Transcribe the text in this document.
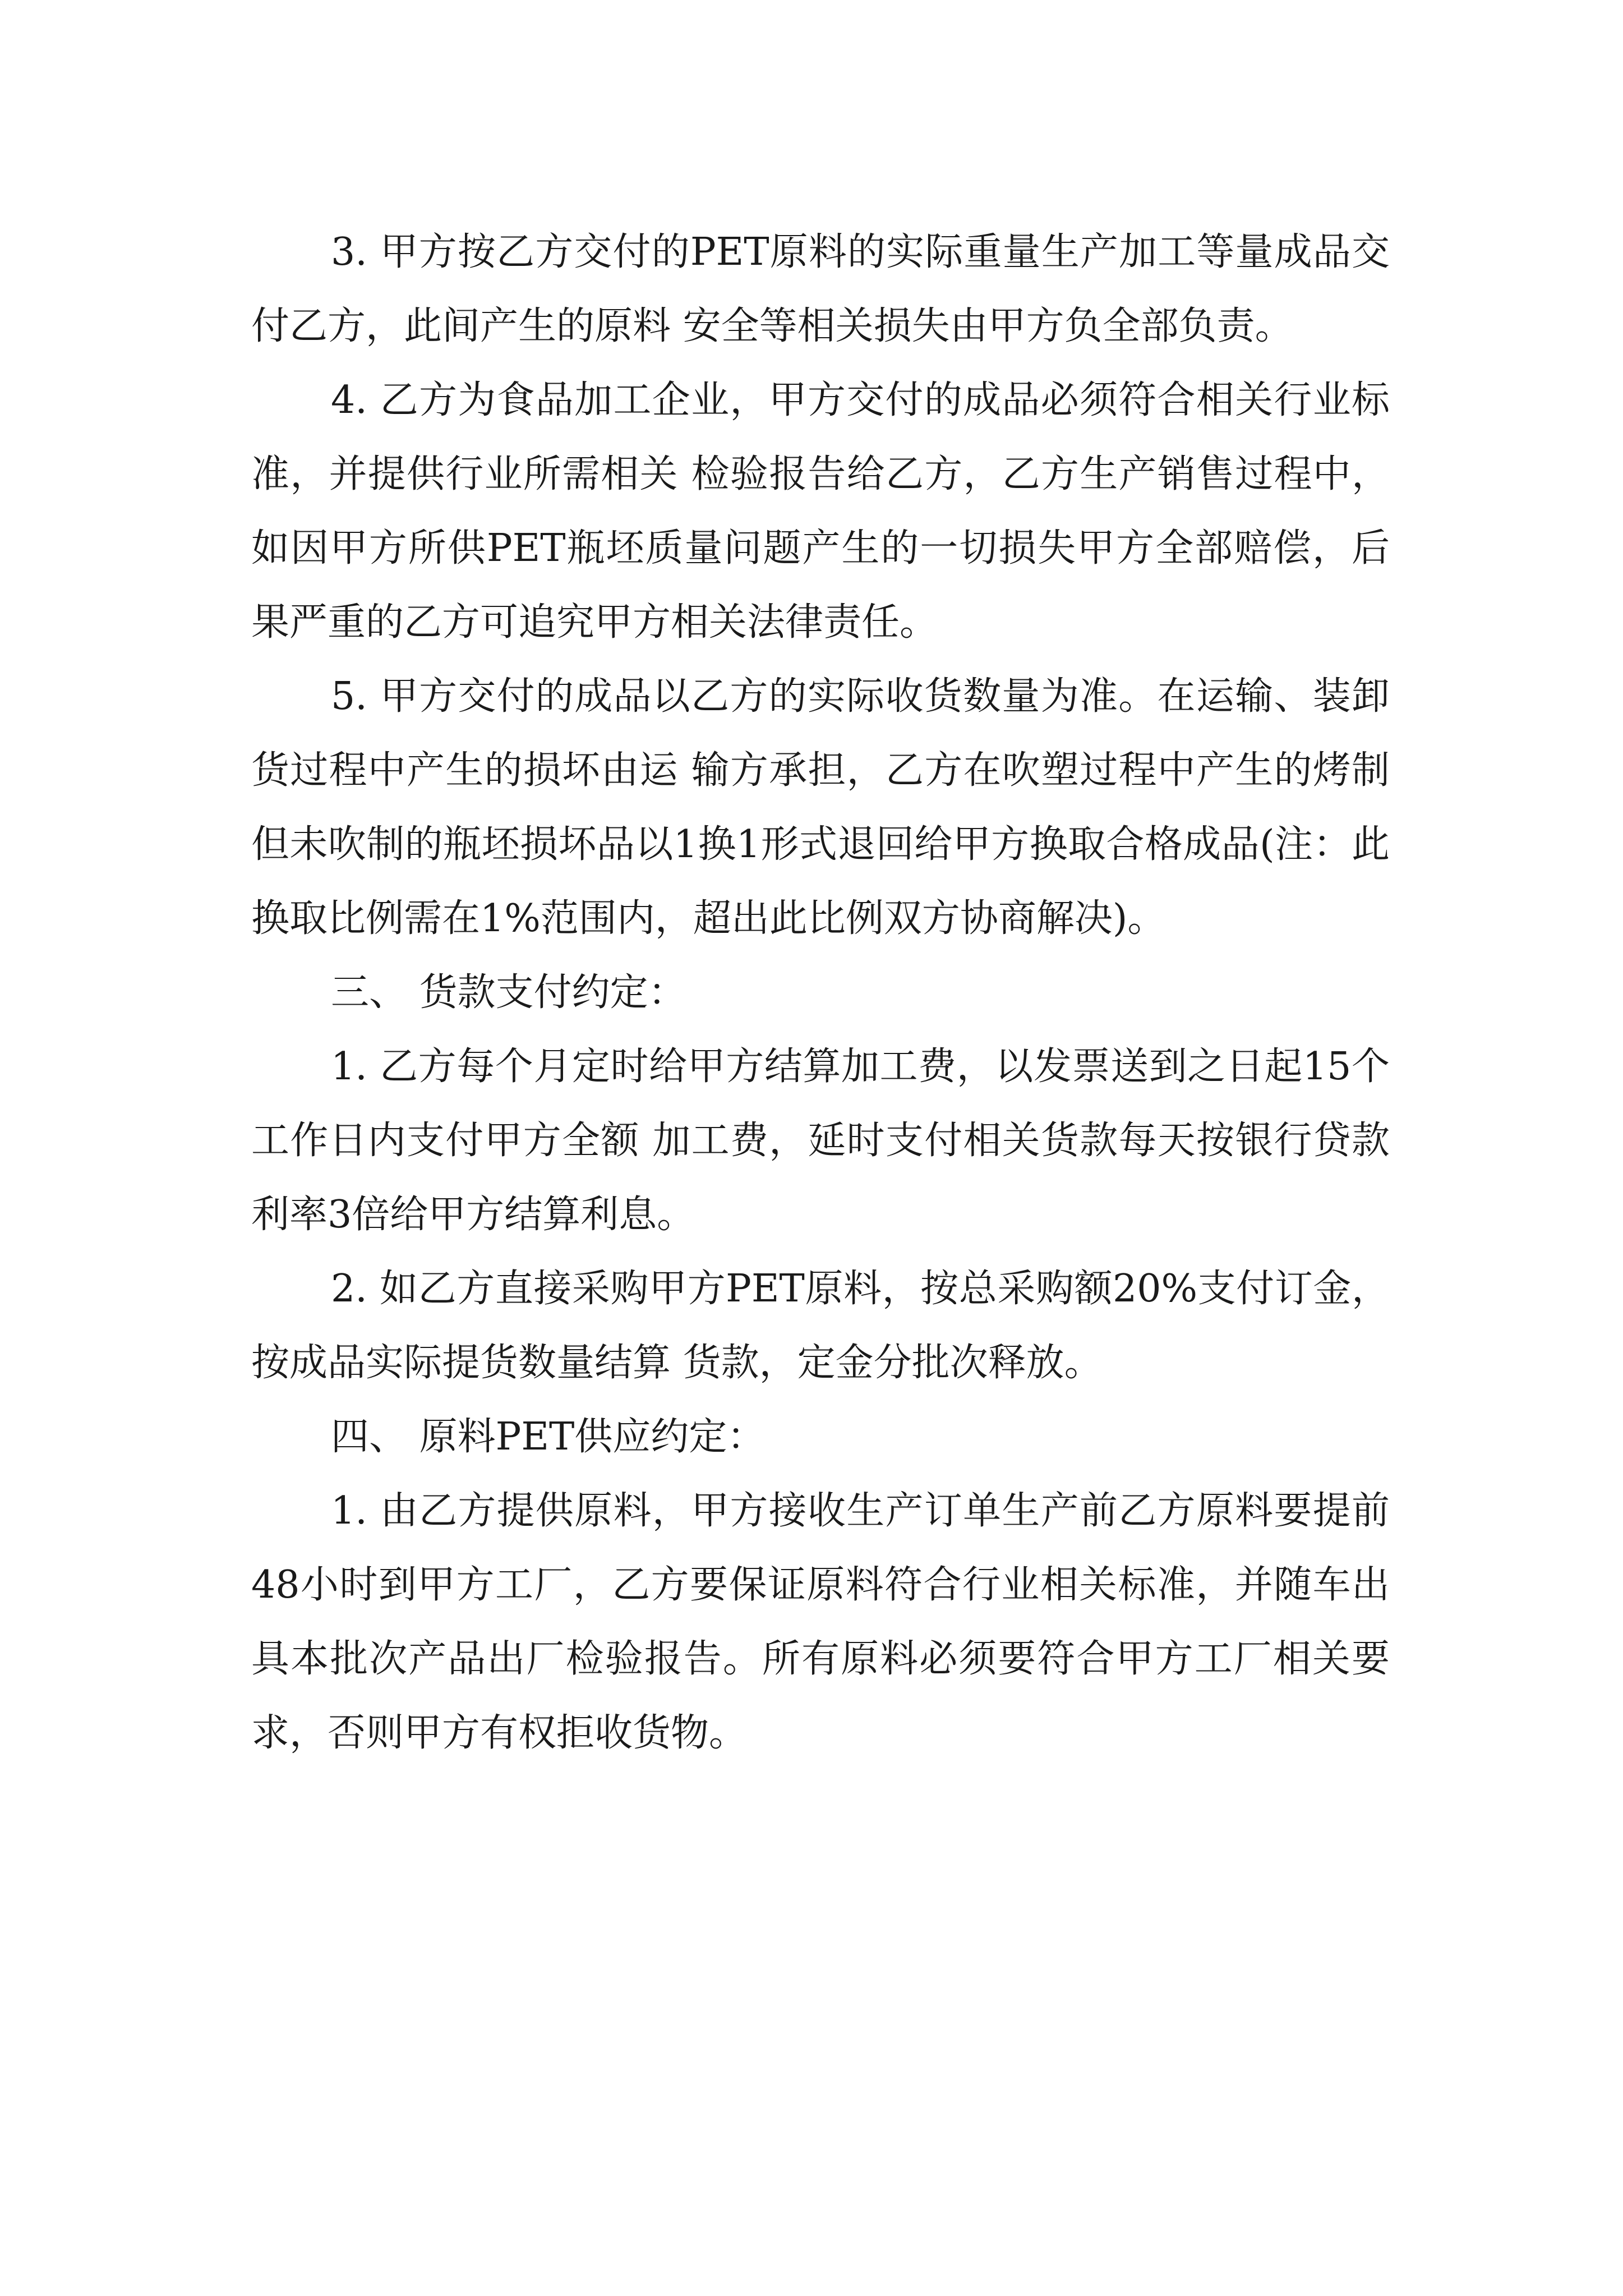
3. 甲方按乙方交付的PET原料的实际重量生产加工等量成品交付乙方，此间产生的原料 安全等相关损失由甲方负全部负责。

4. 乙方为食品加工企业，甲方交付的成品必须符合相关行业标准，并提供行业所需相关 检验报告给乙方，乙方生产销售过程中，如因甲方所供PET瓶坯质量问题产生的一切损失甲方全部赔偿，后果严重的乙方可追究甲方相关法律责任。

5. 甲方交付的成品以乙方的实际收货数量为准。在运输、装卸货过程中产生的损坏由运 输方承担，乙方在吹塑过程中产生的烤制但未吹制的瓶坯损坏品以1换1形式退回给甲方换取合格成品(注：此换取比例需在1%范围内，超出此比例双方协商解决)。

三、 货款支付约定：

1. 乙方每个月定时给甲方结算加工费，以发票送到之日起15个工作日内支付甲方全额 加工费，延时支付相关货款每天按银行贷款利率3倍给甲方结算利息。

2. 如乙方直接采购甲方PET原料，按总采购额20%支付订金，按成品实际提货数量结算 货款，定金分批次释放。

四、 原料PET供应约定：

1. 由乙方提供原料，甲方接收生产订单生产前乙方原料要提前48小时到甲方工厂，乙方要保证原料符合行业相关标准，并随车出具本批次产品出厂检验报告。所有原料必须要符合甲方工厂相关要求，否则甲方有权拒收货物。
